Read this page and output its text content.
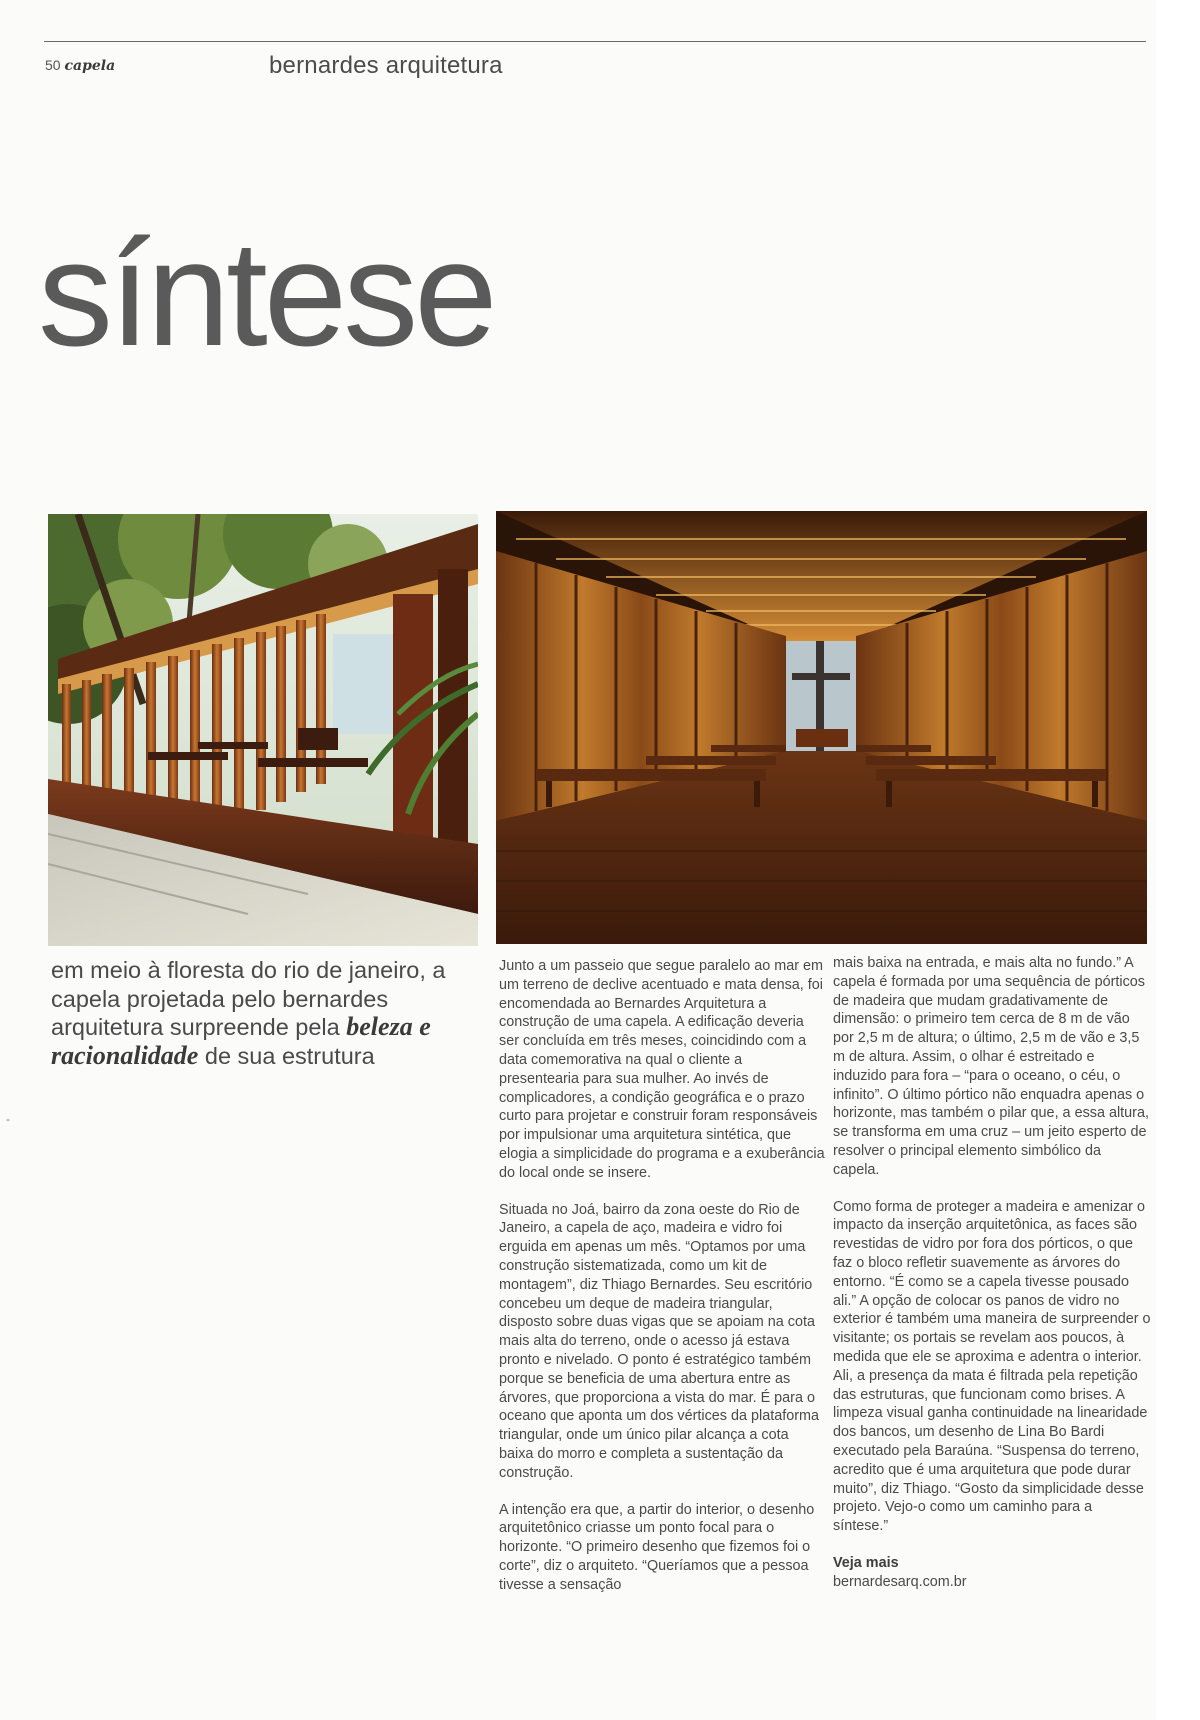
50 capela	bernardes arquitetura
síntese
em meio à floresta do rio de janeiro, a capela projetada pelo bernardes arquitetura surpreende pela beleza e racionalidade de sua estrutura

Junto a um passeio que segue paralelo ao mar em um terreno de declive acentuado e mata densa, foi encomendada ao Bernardes Arquitetura a construção de uma capela. A edificação deveria ser concluída em três meses, coincidindo com a data comemorativa na qual o cliente a presentearia para sua mulher. Ao invés de complicadores, a condição geográfica e o prazo curto para projetar e construir foram responsáveis por impulsionar uma arquitetura sintética, que elogia a simplicidade do programa e a exuberância do local onde se insere.

Situada no Joá, bairro da zona oeste do Rio de Janeiro, a capela de aço, madeira e vidro foi erguida em apenas um mês. “Optamos por uma construção sistematizada, como um kit de montagem”, diz Thiago Bernardes. Seu escritório concebeu um deque de madeira triangular, disposto sobre duas vigas que se apoiam na cota mais alta do terreno, onde o acesso já estava pronto e nivelado. O ponto é estratégico também porque se beneficia de uma abertura entre as árvores, que proporciona a vista do mar. É para o oceano que aponta um dos vértices da plataforma triangular, onde um único pilar alcança a cota baixa do morro e completa a sustentação da construção.

A intenção era que, a partir do interior, o desenho arquitetônico criasse um ponto focal para o horizonte. “O primeiro desenho que fizemos foi o corte”, diz o arquiteto. “Queríamos que a pessoa tivesse a sensação

mais baixa na entrada, e mais alta no fundo.” A capela é formada por uma sequência de pórticos de madeira que mudam gradativamente de dimensão: o primeiro tem cerca de 8 m de vão por 2,5 m de altura; o último, 2,5 m de vão e 3,5 m de altura. Assim, o olhar é estreitado e induzido para fora – “para o oceano, o céu, o infinito”. O último pórtico não enquadra apenas o horizonte, mas também o pilar que, a essa altura, se transforma em uma cruz – um jeito esperto de resolver o principal elemento simbólico da capela.

Como forma de proteger a madeira e amenizar o impacto da inserção arquitetônica, as faces são revestidas de vidro por fora dos pórticos, o que faz o bloco refletir suavemente as árvores do entorno. “É como se a capela tivesse pousado ali.” A opção de colocar os panos de vidro no exterior é também uma maneira de surpreender o visitante; os portais se revelam aos poucos, à medida que ele se aproxima e adentra o interior. Ali, a presença da mata é filtrada pela repetição das estruturas, que funcionam como brises. A limpeza visual ganha continuidade na linearidade dos bancos, um desenho de Lina Bo Bardi executado pela Baraúna. “Suspensa do terreno, acredito que é uma arquitetura que pode durar muito”, diz Thiago. “Gosto da simplicidade desse projeto. Vejo-o como um caminho para a síntese.”

Veja mais
bernardesarq.com.br
-
